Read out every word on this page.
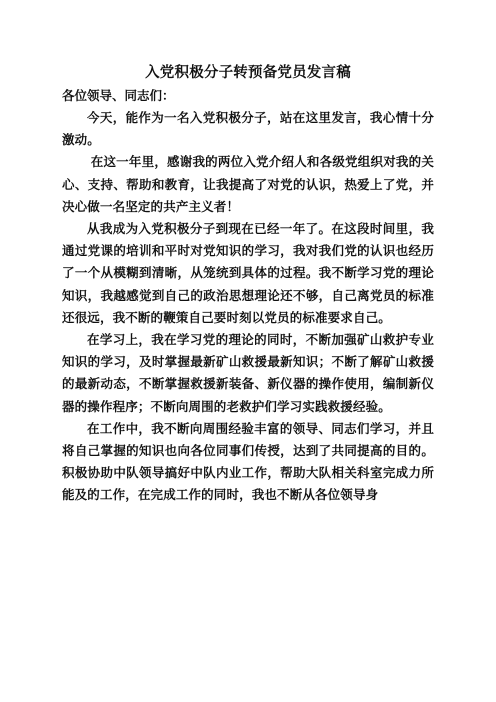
入党积极分子转预备党员发言稿
各位领导、同志们：
今天，能作为一名入党积极分子，站在这里发言，我心情十分激动。
在这一年里，感谢我的两位入党介绍人和各级党组织对我的关心、支持、帮助和教育，让我提高了对党的认识，热爱上了党，并决心做一名坚定的共产主义者！
从我成为入党积极分子到现在已经一年了。在这段时间里，我通过党课的培训和平时对党知识的学习，我对我们党的认识也经历了一个从模糊到清晰，从笼统到具体的过程。我不断学习党的理论知识，我越感觉到自己的政治思想理论还不够，自己离党员的标准还很远，我不断的鞭策自己要时刻以党员的标准要求自己。
在学习上，我在学习党的理论的同时，不断加强矿山救护专业知识的学习，及时掌握最新矿山救援最新知识；不断了解矿山救援的最新动态，不断掌握救援新装备、新仪器的操作使用，编制新仪器的操作程序；不断向周围的老救护们学习实践救援经验。
在工作中，我不断向周围经验丰富的领导、同志们学习，并且将自己掌握的知识也向各位同事们传授，达到了共同提高的目的。积极协助中队领导搞好中队内业工作，帮助大队相关科室完成力所能及的工作，在完成工作的同时，我也不断从各位领导身
